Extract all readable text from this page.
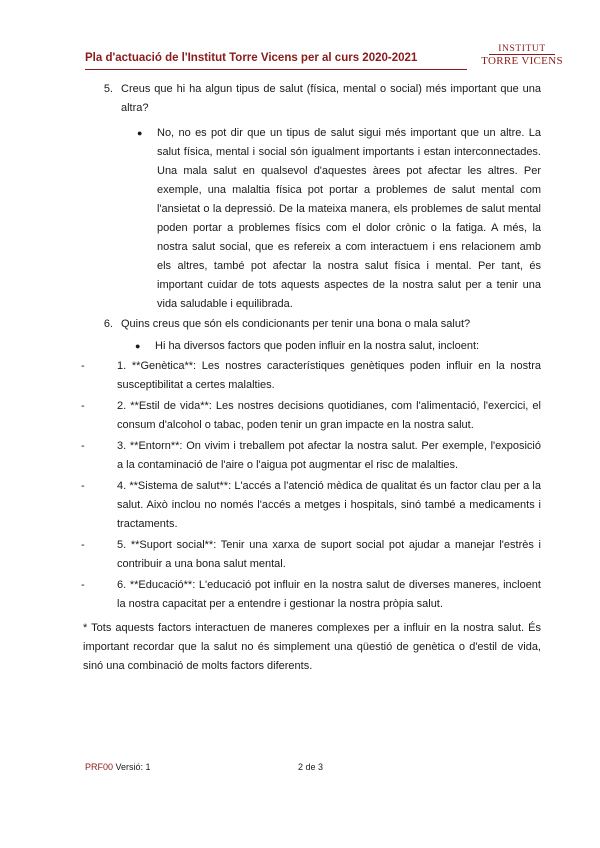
Pla d'actuació de l'Institut Torre Vicens per al curs 2020-2021
INSTITUT
TORRE VICENS
5. Creus que hi ha algun tipus de salut (física, mental o social) més important que una altra?
●	No, no es pot dir que un tipus de salut sigui més important que un altre. La salut física, mental i social són igualment importants i estan interconnectades. Una mala salut en qualsevol d'aquestes àrees pot afectar les altres. Per exemple, una malaltia física pot portar a problemes de salut mental com l'ansietat o la depressió. De la mateixa manera, els problemes de salut mental poden portar a problemes físics com el dolor crònic o la fatiga. A més, la nostra salut social, que es refereix a com interactuem i ens relacionem amb els altres, també pot afectar la nostra salut física i mental. Per tant, és important cuidar de tots aquests aspectes de la nostra salut per a tenir una vida saludable i equilibrada.
6. Quins creus que són els condicionants per tenir una bona o mala salut?
●	Hi ha diversos factors que poden influir en la nostra salut, incloent:
-	1. **Genètica**: Les nostres característiques genètiques poden influir en la nostra susceptibilitat a certes malalties.
-	2. **Estil de vida**: Les nostres decisions quotidianes, com l'alimentació, l'exercici, el consum d'alcohol o tabac, poden tenir un gran impacte en la nostra salut.
-	3. **Entorn**: On vivim i treballem pot afectar la nostra salut. Per exemple, l'exposició a la contaminació de l'aire o l'aigua pot augmentar el risc de malalties.
-	4. **Sistema de salut**: L'accés a l'atenció mèdica de qualitat és un factor clau per a la salut. Això inclou no només l'accés a metges i hospitals, sinó també a medicaments i tractaments.
-	5. **Suport social**: Tenir una xarxa de suport social pot ajudar a manejar l'estrès i contribuir a una bona salut mental.
-	6. **Educació**: L'educació pot influir en la nostra salut de diverses maneres, incloent la nostra capacitat per a entendre i gestionar la nostra pròpia salut.
* Tots aquests factors interactuen de maneres complexes per a influir en la nostra salut. És important recordar que la salut no és simplement una qüestió de genètica o d'estil de vida, sinó una combinació de molts factors diferents.
PRF00 Versió: 1	2 de 3
